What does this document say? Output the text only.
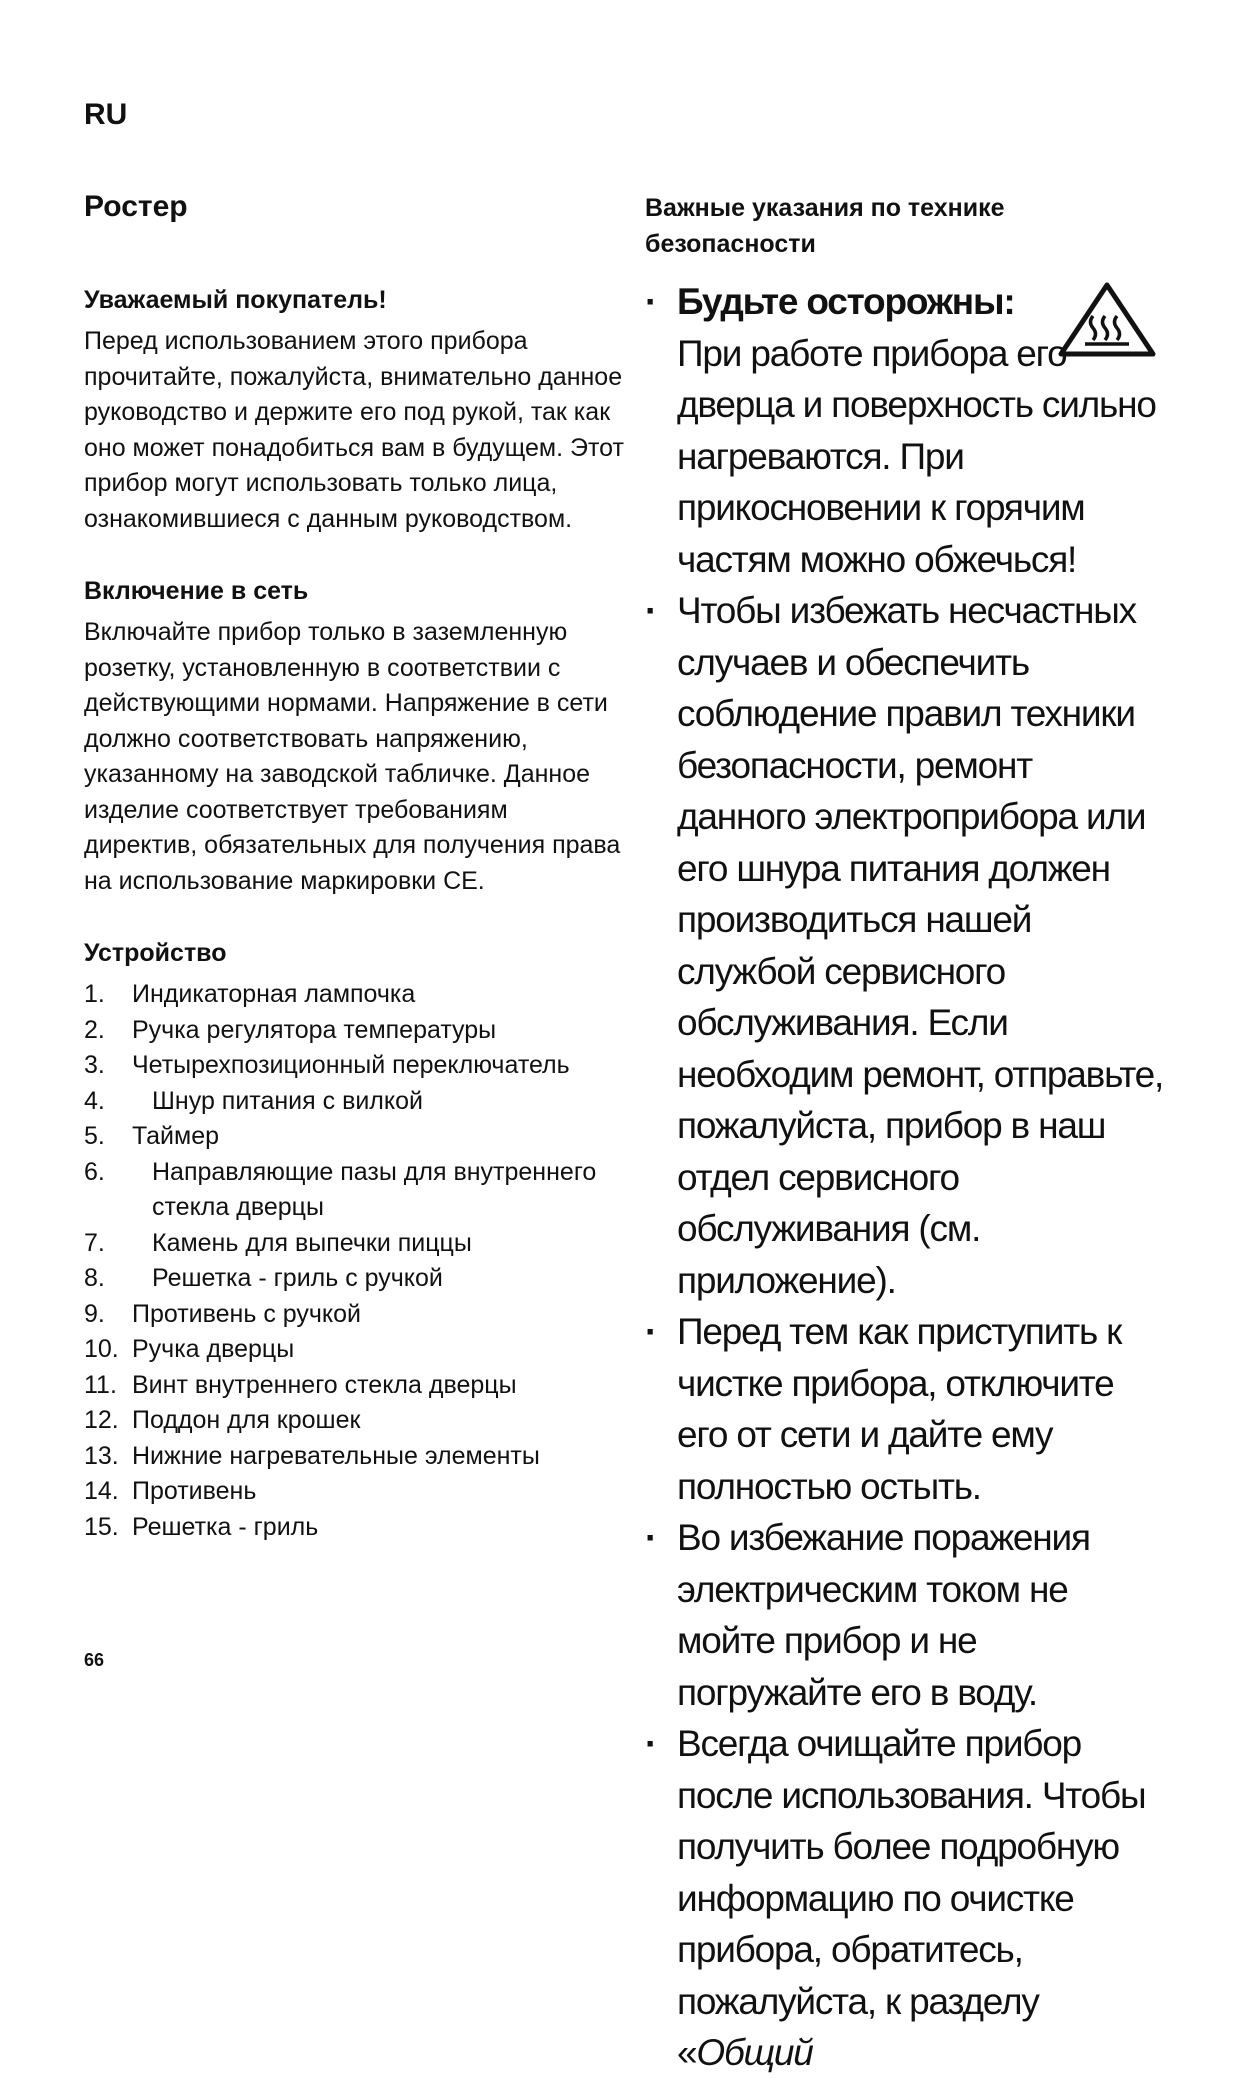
RU
Ростер
Уважаемый покупатель!

Перед использованием этого прибора прочитайте, пожалуйста, внимательно данное руководство и держите его под рукой, так как оно может понадобиться вам в будущем. Этот прибор могут использовать только лица, ознакомившиеся с данным руководством.

Включение в сеть

Включайте прибор только в заземленную розетку, установленную в соответствии с действующими нормами. Напряжение в сети должно соответствовать напряжению, указанному на заводской табличке. Данное изделие соответствует требованиям директив, обязательных для получения права на использование маркировки CE.

Устройство
1.	Индикаторная лампочка
2.	Ручка регулятора температуры
3.	Четырехпозиционный переключатель
4.	Шнур питания с вилкой
5.	Таймер
6.	Направляющие пазы для внутреннего стекла дверцы
7.	Камень для выпечки пиццы
8.	Решетка - гриль с ручкой
9.	Противень с ручкой
10. Ручка дверцы
11. Винт внутреннего стекла дверцы
12. Поддон для крошек
13. Нижние нагревательные элементы
14. Противень
15. Решетка - гриль
66
Важные указания по технике безопасности
· Будьте осторожны:
При работе прибора его дверца и поверхность сильно нагреваются. При прикосновении к горячим частям можно обжечься!
· Чтобы избежать несчастных случаев и обеспечить соблюдение правил техники безопасности, ремонт данного электроприбора или его шнура питания должен производиться нашей службой сервисного обслуживания. Если необходим ремонт, отправьте, пожалуйста, прибор в наш отдел сервисного обслуживания (см. приложение).
· Перед тем как приступить к чистке прибора, отключите его от сети и дайте ему полностью остыть.
· Во избежание поражения электрическим током не мойте прибор и не погружайте его в воду.
· Всегда очищайте прибор после использования. Чтобы получить более подробную информацию по очистке прибора, обратитесь, пожалуйста, к разделу «Общий
